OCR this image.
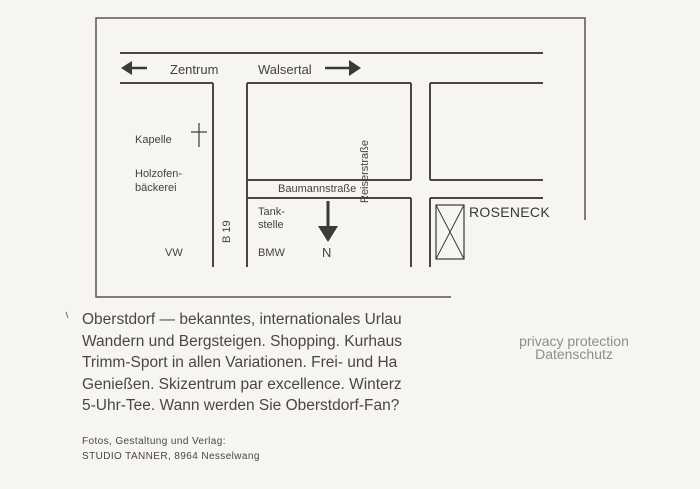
Zentrum	Walsertal
Reiserstraße
Baumannstraße
B 19
Kapelle
Holzofen-
bäckerei
VW
Tank-
stelle
BMW	N
ROSENECK
Oberstdorf — bekanntes, internationales Urlau
Wandern und Bergsteigen. Shopping. Kurhaus
Trimm-Sport in allen Variationen. Frei- und Ha
Genießen. Skizentrum par excellence. Winterz
5-Uhr-Tee. Wann werden Sie Oberstdorf-Fan?
Fotos, Gestaltung und Verlag:
STUDIO TANNER, 8964 Nesselwang
privacy protection
Datenschutz
